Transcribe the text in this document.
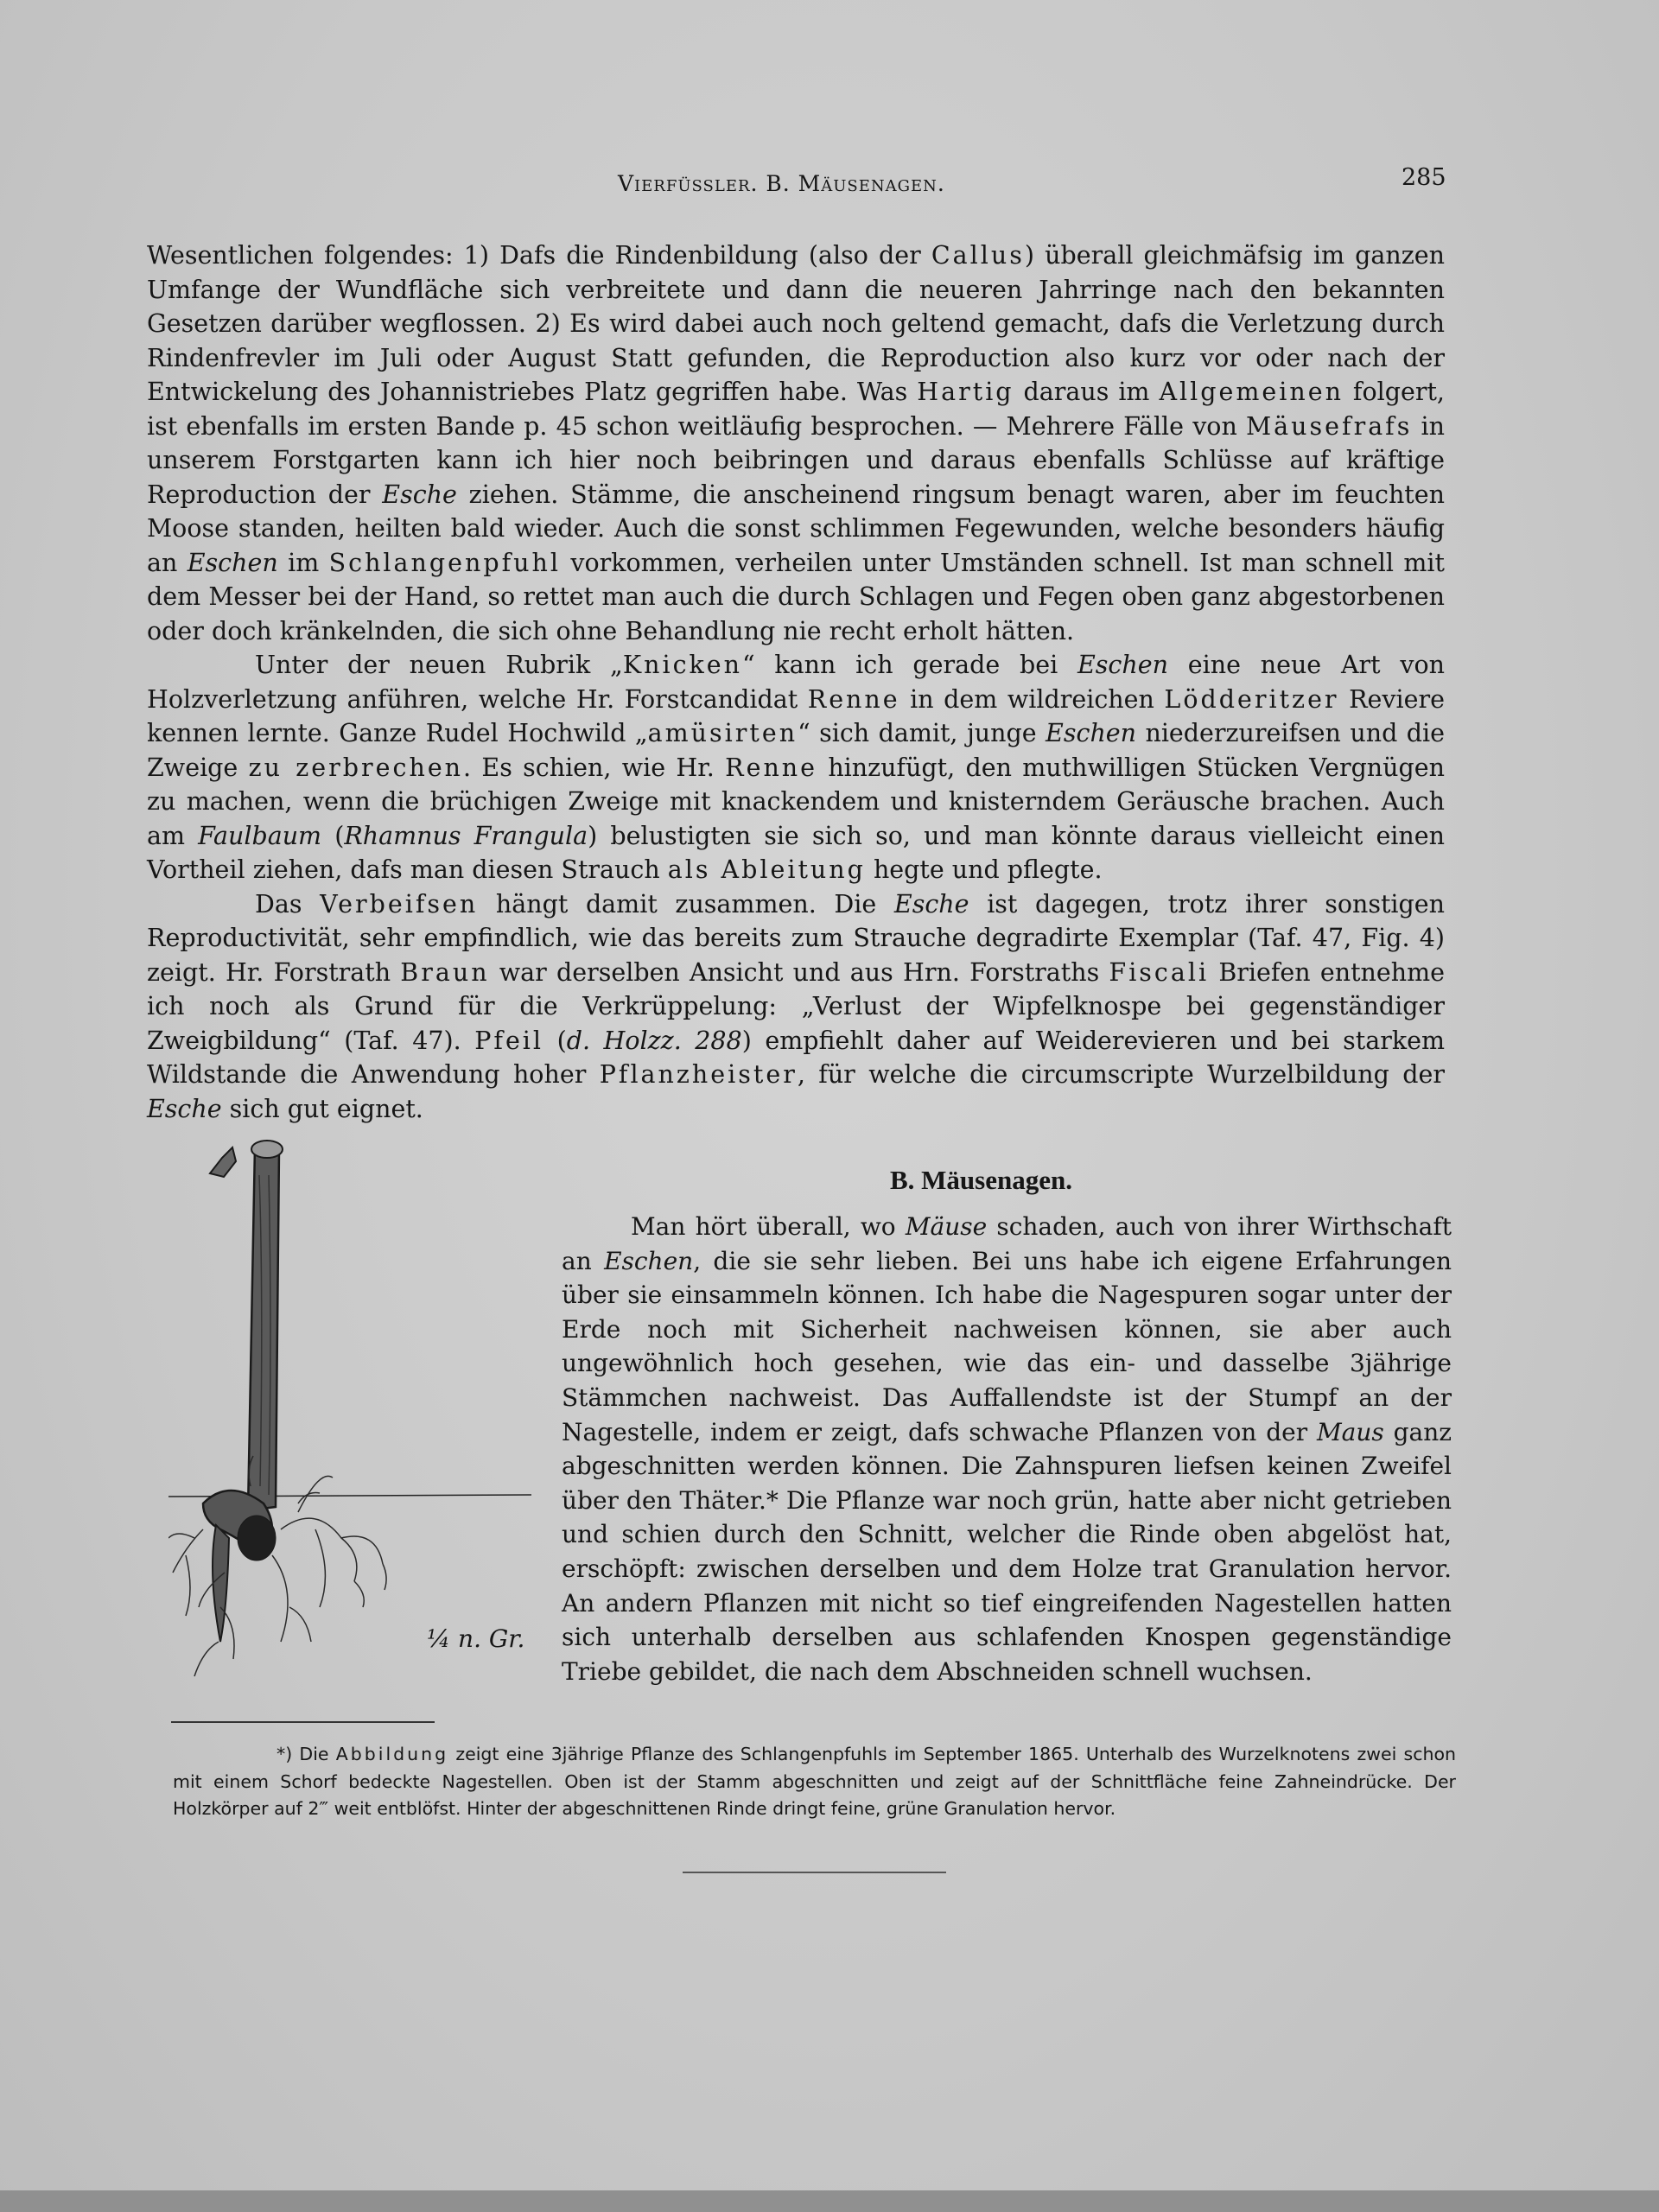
Vierfüssler. B. Mäusenagen.	285

Wesentlichen folgendes: 1) Dafs die Rindenbildung (also der Callus) überall gleichmäfsig im ganzen Umfange der Wundfläche sich verbreitete und dann die neueren Jahrringe nach den bekannten Gesetzen darüber wegflossen. 2) Es wird dabei auch noch geltend gemacht, dafs die Verletzung durch Rindenfrevler im Juli oder August Statt gefunden, die Reproduction also kurz vor oder nach der Entwickelung des Johannistriebes Platz gegriffen habe. Was Hartig daraus im Allgemeinen folgert, ist ebenfalls im ersten Bande p. 45 schon weitläufig besprochen. — Mehrere Fälle von Mäusefrafs in unserem Forstgarten kann ich hier noch beibringen und daraus ebenfalls Schlüsse auf kräftige Reproduction der Esche ziehen. Stämme, die anscheinend ringsum benagt waren, aber im feuchten Moose standen, heilten bald wieder. Auch die sonst schlimmen Fegewunden, welche besonders häufig an Eschen im Schlangenpfuhl vorkommen, verheilen unter Umständen schnell. Ist man schnell mit dem Messer bei der Hand, so rettet man auch die durch Schlagen und Fegen oben ganz abgestorbenen oder doch kränkelnden, die sich ohne Behandlung nie recht erholt hätten.

Unter der neuen Rubrik „Knicken“ kann ich gerade bei Eschen eine neue Art von Holzverletzung anführen, welche Hr. Forstcandidat Renne in dem wildreichen Lödderitzer Reviere kennen lernte. Ganze Rudel Hochwild „amüsirten“ sich damit, junge Eschen niederzureifsen und die Zweige zu zerbrechen. Es schien, wie Hr. Renne hinzufügt, den muthwilligen Stücken Vergnügen zu machen, wenn die brüchigen Zweige mit knackendem und knisterndem Geräusche brachen. Auch am Faulbaum (Rhamnus Frangula) belustigten sie sich so, und man könnte daraus vielleicht einen Vortheil ziehen, dafs man diesen Strauch als Ableitung hegte und pflegte.

Das Verbeifsen hängt damit zusammen. Die Esche ist dagegen, trotz ihrer sonstigen Reproductivität, sehr empfindlich, wie das bereits zum Strauche degradirte Exemplar (Taf. 47, Fig. 4) zeigt. Hr. Forstrath Braun war derselben Ansicht und aus Hrn. Forstraths Fiscali Briefen entnehme ich noch als Grund für die Verkrüppelung: „Verlust der Wipfelknospe bei gegenständiger Zweigbildung“ (Taf. 47). Pfeil (d. Holzz. 288) empfiehlt daher auf Weiderevieren und bei starkem Wildstande die Anwendung hoher Pflanzheister, für welche die circumscripte Wurzelbildung der Esche sich gut eignet.

¼ n. Gr.
B. Mäusenagen.

Man hört überall, wo Mäuse schaden, auch von ihrer Wirthschaft an Eschen, die sie sehr lieben. Bei uns habe ich eigene Erfahrungen über sie einsammeln können. Ich habe die Nagespuren sogar unter der Erde noch mit Sicherheit nachweisen können, sie aber auch ungewöhnlich hoch gesehen, wie das ein- und dasselbe 3jährige Stämmchen nachweist. Das Auffallendste ist der Stumpf an der Nagestelle, indem er zeigt, dafs schwache Pflanzen von der Maus ganz abgeschnitten werden können. Die Zahnspuren liefsen keinen Zweifel über den Thäter.* Die Pflanze war noch grün, hatte aber nicht getrieben und schien durch den Schnitt, welcher die Rinde oben abgelöst hat, erschöpft: zwischen derselben und dem Holze trat Granulation hervor. An andern Pflanzen mit nicht so tief eingreifenden Nagestellen hatten sich unterhalb derselben aus schlafenden Knospen gegenständige Triebe gebildet, die nach dem Abschneiden schnell wuchsen.

*) Die Abbildung zeigt eine 3jährige Pflanze des Schlangenpfuhls im September 1865. Unterhalb des Wurzelknotens zwei schon mit einem Schorf bedeckte Nagestellen. Oben ist der Stamm abgeschnitten und zeigt auf der Schnittfläche feine Zahneindrücke. Der Holzkörper auf 2‴ weit entblöfst. Hinter der abgeschnittenen Rinde dringt feine, grüne Granulation hervor.
